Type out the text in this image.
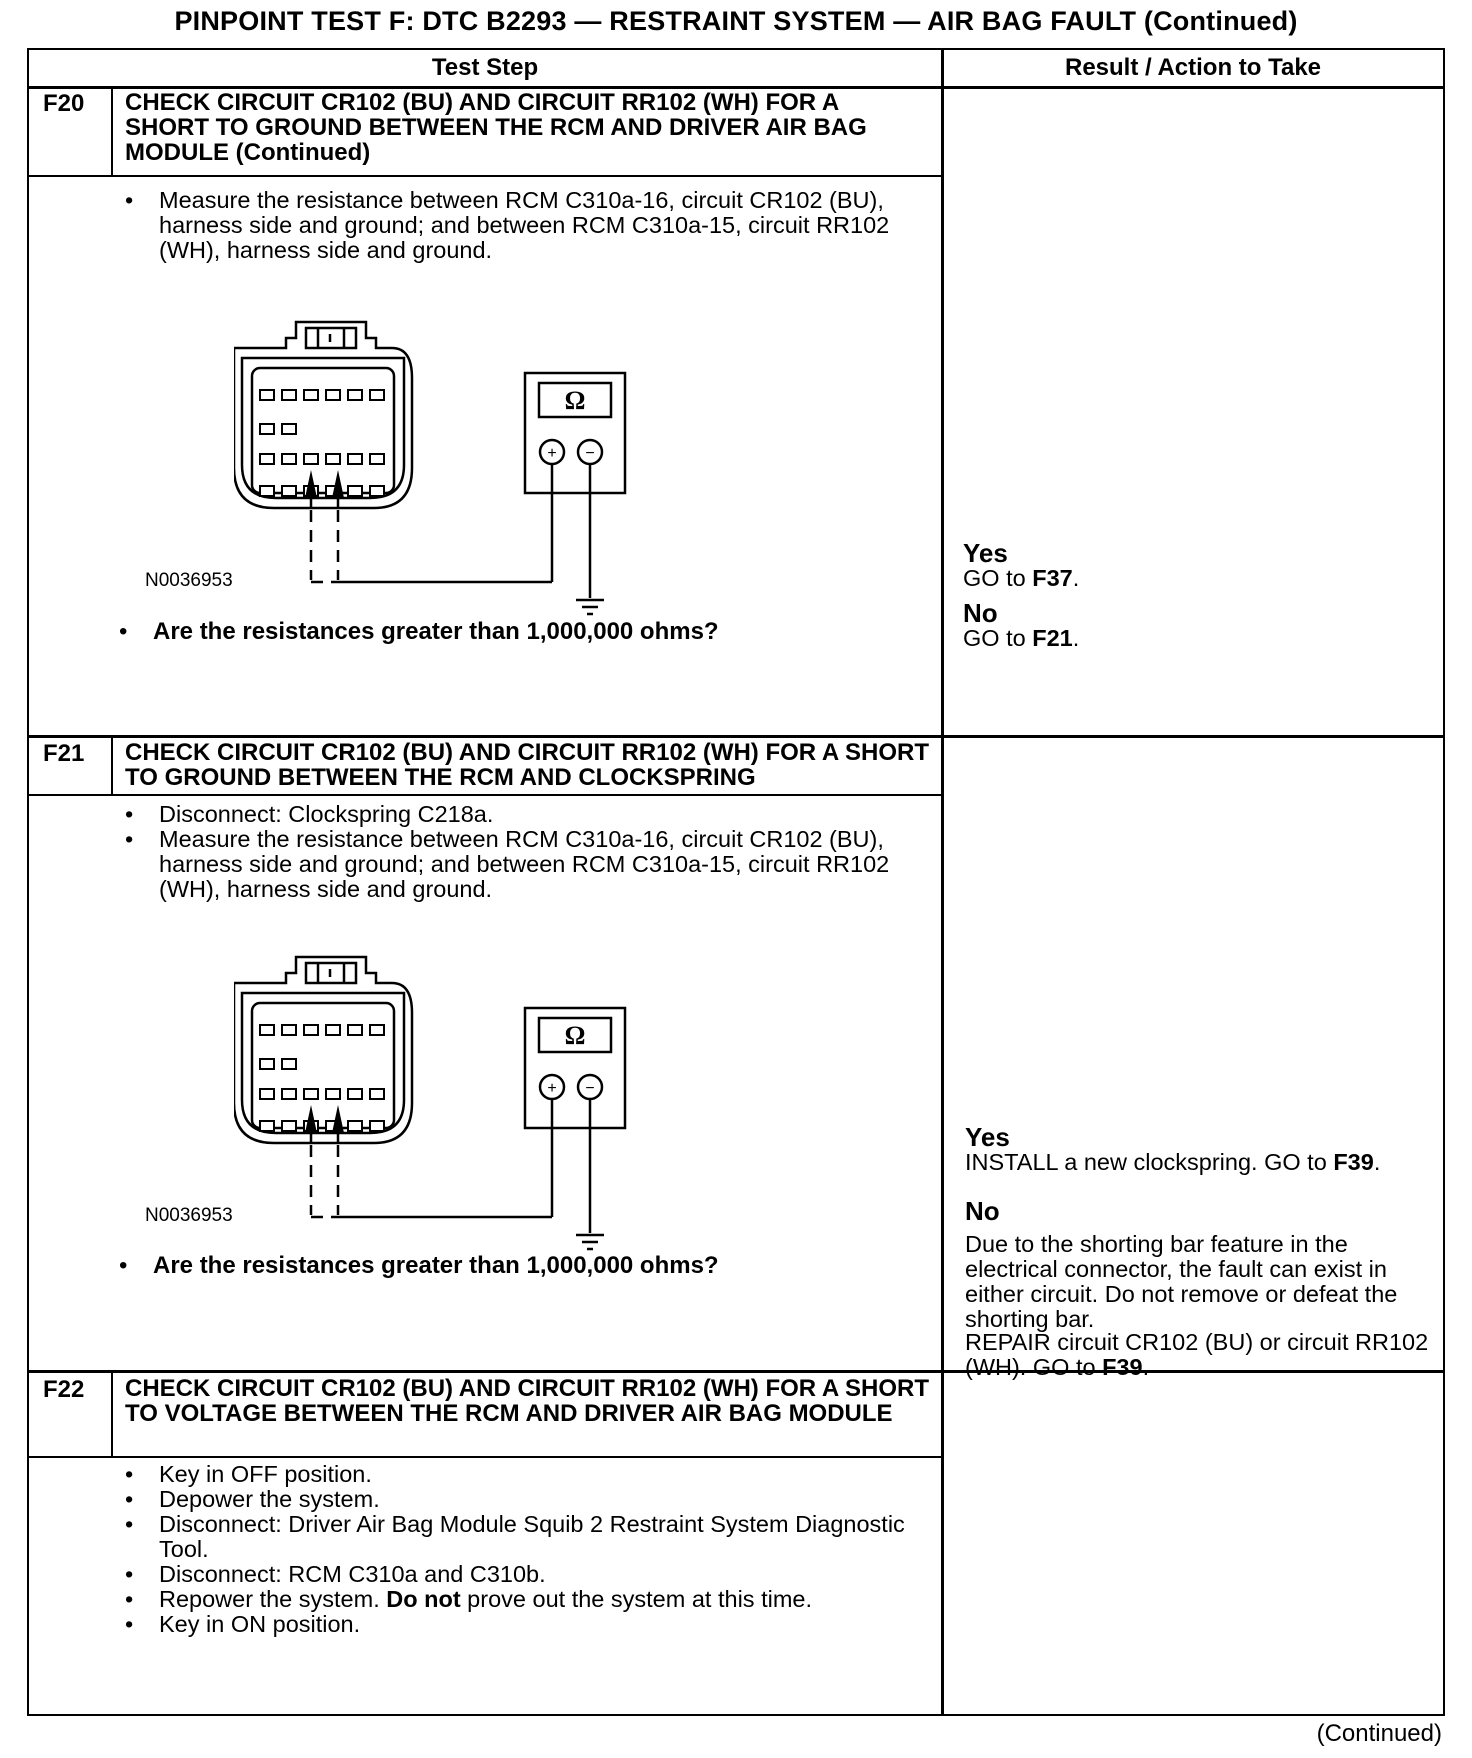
PINPOINT TEST F: DTC B2293 — RESTRAINT SYSTEM — AIR BAG FAULT (Continued)
Test Step	Result / Action to Take
F20 CHECK CIRCUIT CR102 (BU) AND CIRCUIT RR102 (WH) FOR A SHORT TO GROUND BETWEEN THE RCM AND DRIVER AIR BAG MODULE (Continued)
• Measure the resistance between RCM C310a-16, circuit CR102 (BU), harness side and ground; and between RCM C310a-15, circuit RR102 (WH), harness side and ground.
Ω
+ −
N0036953
• Are the resistances greater than 1,000,000 ohms?
Yes
GO to F37.
No
GO to F21.
F21 CHECK CIRCUIT CR102 (BU) AND CIRCUIT RR102 (WH) FOR A SHORT TO GROUND BETWEEN THE RCM AND CLOCKSPRING
• Disconnect: Clockspring C218a.
• Measure the resistance between RCM C310a-16, circuit CR102 (BU), harness side and ground; and between RCM C310a-15, circuit RR102 (WH), harness side and ground.
Ω
+ −
N0036953
• Are the resistances greater than 1,000,000 ohms?
Yes
INSTALL a new clockspring. GO to F39.
No
Due to the shorting bar feature in the electrical connector, the fault can exist in either circuit. Do not remove or defeat the shorting bar.
REPAIR circuit CR102 (BU) or circuit RR102 (WH). GO to F39.
F22 CHECK CIRCUIT CR102 (BU) AND CIRCUIT RR102 (WH) FOR A SHORT TO VOLTAGE BETWEEN THE RCM AND DRIVER AIR BAG MODULE
• Key in OFF position.
• Depower the system.
• Disconnect: Driver Air Bag Module Squib 2 Restraint System Diagnostic Tool.
• Disconnect: RCM C310a and C310b.
• Repower the system. Do not prove out the system at this time.
• Key in ON position.
(Continued)
